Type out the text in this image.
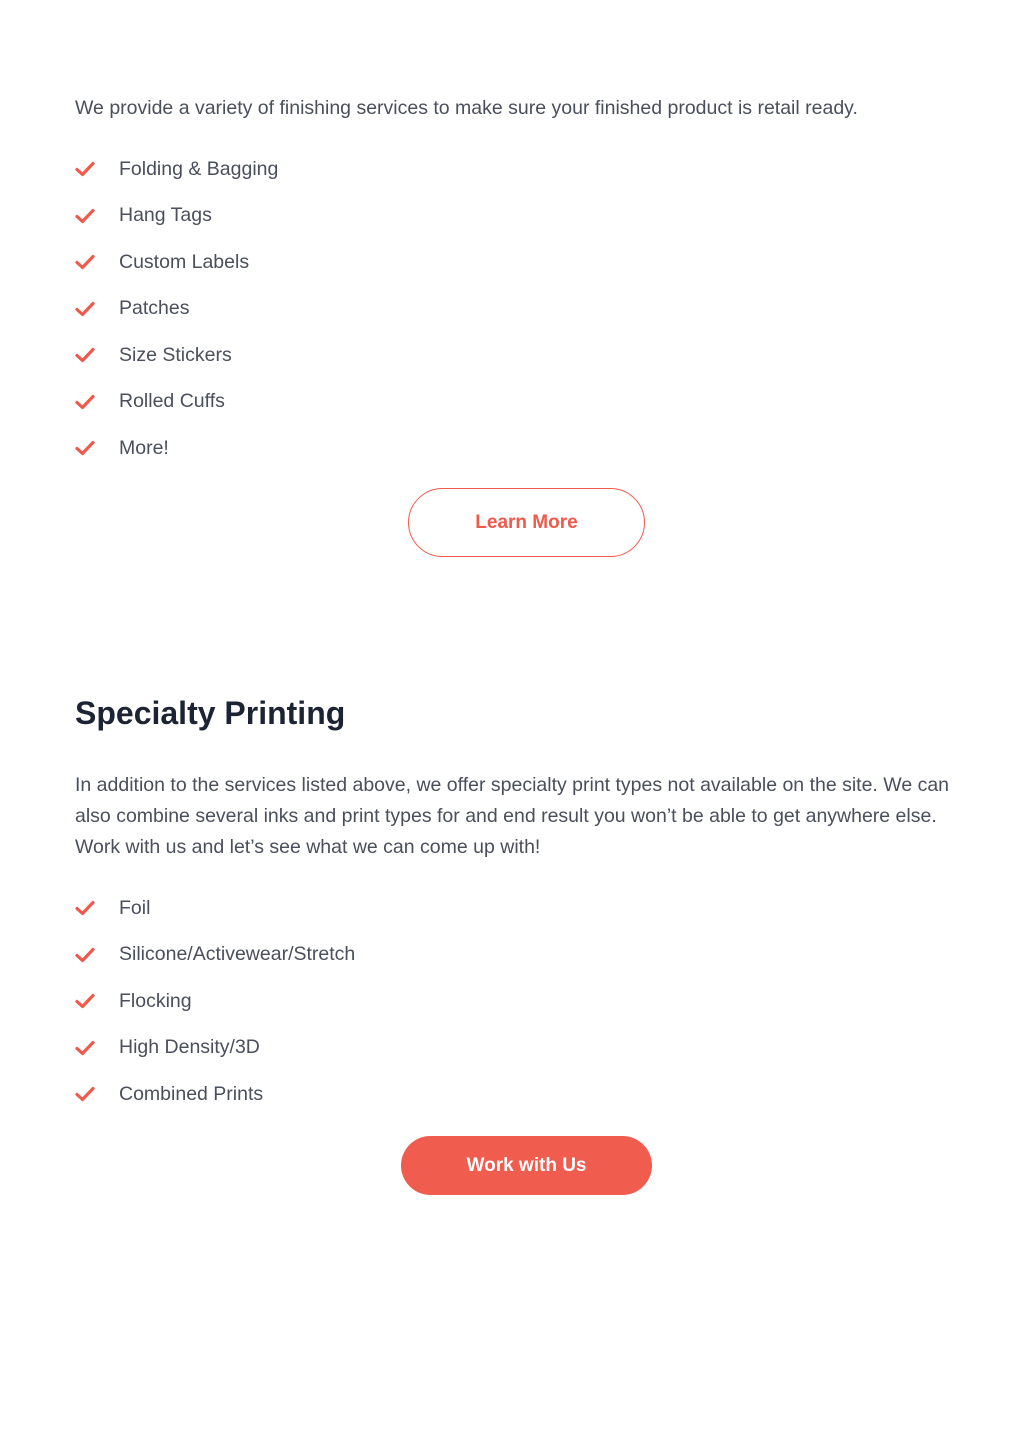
We provide a variety of finishing services to make sure your finished product is retail ready.

Folding & Bagging
Hang Tags
Custom Labels
Patches
Size Stickers
Rolled Cuffs
More!
Learn More
Specialty Printing

In addition to the services listed above, we offer specialty print types not available on the site. We can also combine several inks and print types for and end result you won’t be able to get anywhere else. Work with us and let’s see what we can come up with!

Foil
Silicone/Activewear/Stretch
Flocking
High Density/3D
Combined Prints
Work with Us
